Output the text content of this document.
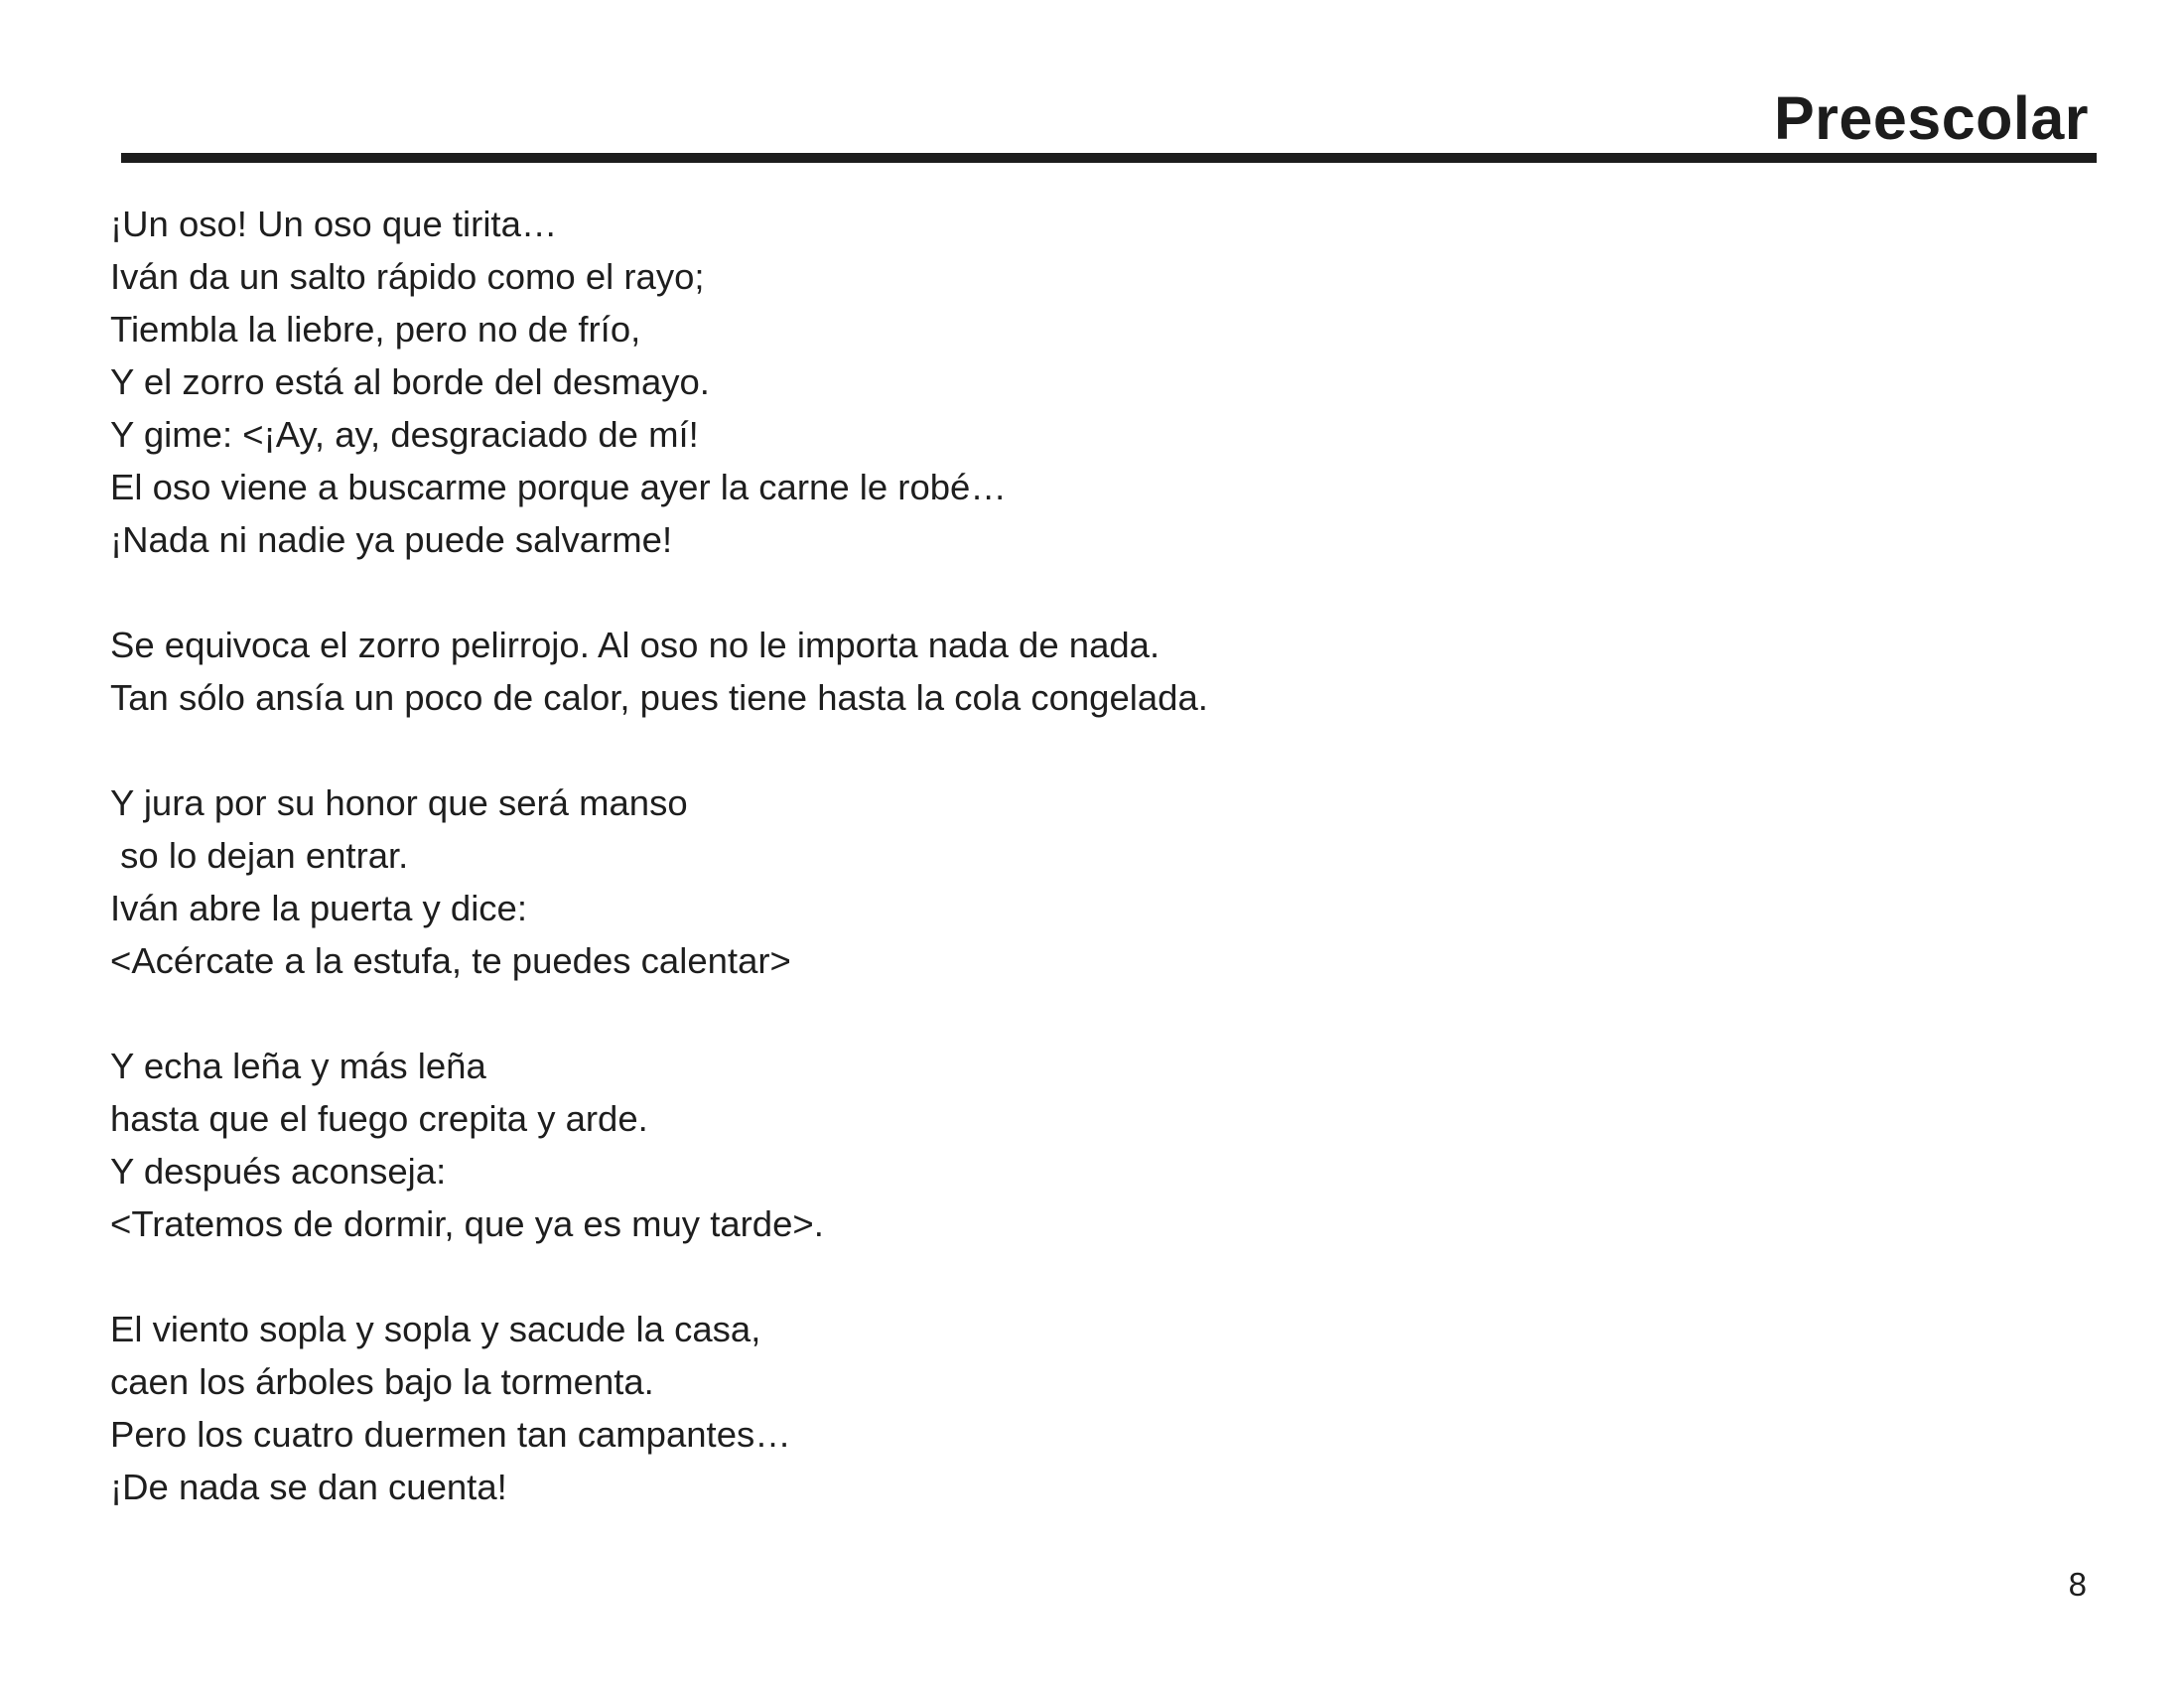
Preescolar
¡Un oso! Un oso que tirita…
Iván da un salto rápido como el rayo;
Tiembla la liebre, pero no de frío,
Y el zorro está al borde del desmayo.
Y gime: <¡Ay, ay, desgraciado de mí!
El oso viene a buscarme porque ayer la carne le robé…
¡Nada ni nadie ya puede salvarme!
Se equivoca el zorro pelirrojo. Al oso no le importa nada de nada.
Tan sólo ansía un poco de calor, pues tiene hasta la cola congelada.
Y jura por su honor que será manso
so lo dejan entrar.
Iván abre la puerta y dice:
<Acércate a la estufa, te puedes calentar>
Y echa leña y más leña
hasta que el fuego crepita y arde.
Y después aconseja:
<Tratemos de dormir, que ya es muy tarde>.
El viento sopla y sopla y sacude la casa,
caen los árboles bajo la tormenta.
Pero los cuatro duermen tan campantes…
¡De nada se dan cuenta!
8
